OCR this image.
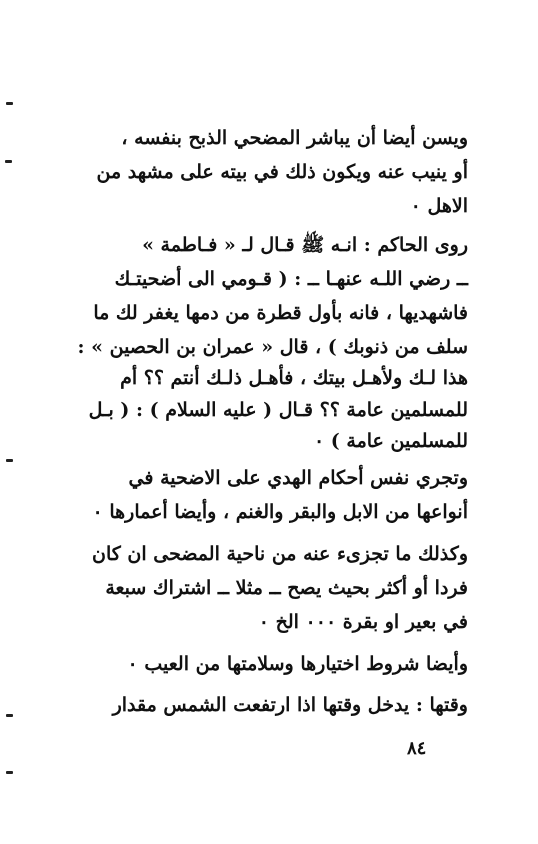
ويسن أيضا أن يباشر المضحي الذبح بنفسه ،
أو ينيب عنه ويكون ذلك في بيته على مشهد من
الاهل ٠
روى الحاكم : انـه ﷺ قـال لـ « فـاطمة »
ــ رضي اللـه عنهـا ــ : ( قـومي الى أضحيتـك
فاشهديها ، فانه بأول قطرة من دمها يغفر لك ما
سلف من ذنوبك ) ، قال « عمران بن الحصين » :
هذا لـك ولأهـل بيتك ، فأهـل ذلـك أنتم ؟؟ أم
للمسلمين عامة ؟؟ قـال ( عليه السلام ) : ( بـل
للمسلمين عامة ) ٠
وتجري نفس أحكام الهدي على الاضحية في
أنواعها من الابل والبقر والغنم ، وأيضا أعمارها ٠
وكذلك ما تجزىء عنه من ناحية المضحى ان كان
فردا أو أكثر بحيث يصح ــ مثلا ــ اشتراك سبعة
في بعير او بقرة ٠٠٠ الخ ٠
وأيضا شروط اختيارها وسلامتها من العيب ٠
وقتها : يدخل وقتها اذا ارتفعت الشمس مقدار
٨٤
